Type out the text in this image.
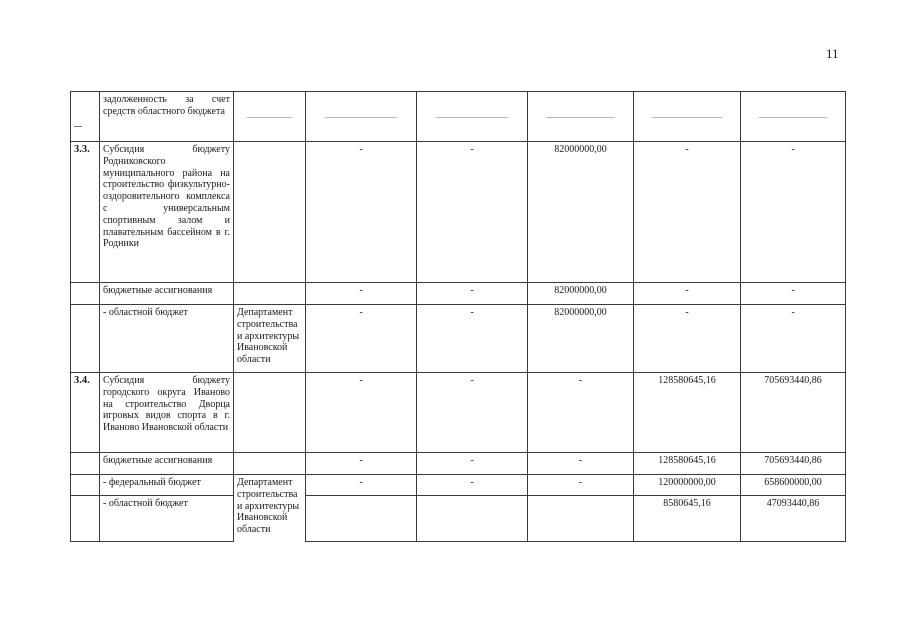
11
	задолженность за счет средств областного бюджета	

3.3.	Субсидия бюджету Родниковского муниципального района на строительство физкультурно-оздоровительного комплекса с универсальным спортивным залом и плавательным бассейном в г. Родники		-	-	82000000,00	-	-
	бюджетные ассигнования		-	-	82000000,00	-	-
	- областной бюджет	Департамент строительства и архитектуры Ивановской области	-	-	82000000,00	-	-
3.4.	Субсидия бюджету городского округа Иваново на строительство Дворца игровых видов спорта в г. Иваново Ивановской области		-	-	-	128580645,16	705693440,86
	бюджетные ассигнования		-	-	-	128580645,16	705693440,86
	- федеральный бюджет	Департамент строительства и архитектуры Ивановской области	-	-	-	120000000,00	658600000,00
	- областной бюджет					8580645,16	47093440,86
